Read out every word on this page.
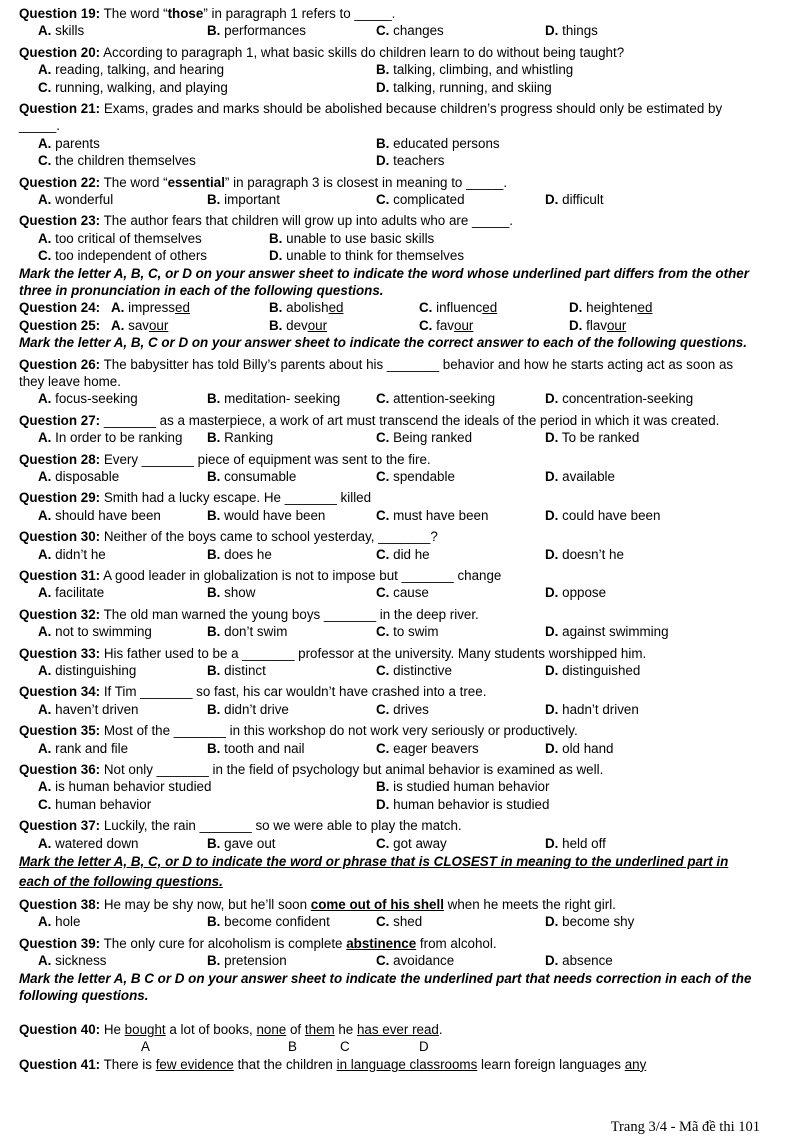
Question 19: The word “those” in paragraph 1 refers to _____.
A. skills	B. performances	C. changes	D. things
Question 20: According to paragraph 1, what basic skills do children learn to do without being taught?
A. reading, talking, and hearing	B. talking, climbing, and whistling
C. running, walking, and playing	D. talking, running, and skiing
Question 21: Exams, grades and marks should be abolished because children’s progress should only be estimated by _____.
A. parents	B. educated persons
C. the children themselves	D. teachers
Question 22: The word “essential” in paragraph 3 is closest in meaning to _____.
A. wonderful	B. important	C. complicated	D. difficult
Question 23: The author fears that children will grow up into adults who are _____.
A. too critical of themselves	B. unable to use basic skills
C. too independent of others	D. unable to think for themselves
Mark the letter A, B, C, or D on your answer sheet to indicate the word whose underlined part differs from the other three in pronunciation in each of the following questions.
Question 24: A. impressed	B. abolished	C. influenced	D. heightened
Question 25: A. savour	B. devour	C. favour	D. flavour
Mark the letter A, B, C or D on your answer sheet to indicate the correct answer to each of the following questions.
Question 26: The babysitter has told Billy’s parents about his _______ behavior and how he starts acting act as soon as they leave home.
A. focus-seeking	B. meditation- seeking	C. attention-seeking	D. concentration-seeking
Question 27: _______ as a masterpiece, a work of art must transcend the ideals of the period in which it was created.
A. In order to be ranking B. Ranking	C. Being ranked	D. To be ranked
Question 28: Every _______ piece of equipment was sent to the fire.
A. disposable	B. consumable	C. spendable	D. available
Question 29: Smith had a lucky escape. He _______ killed
A. should have been	B. would have been	C. must have been	D. could have been
Question 30: Neither of the boys came to school yesterday, _______?
A. didn’t he	B. does he	C. did he	D. doesn’t he
Question 31: A good leader in globalization is not to impose but _______ change
A. facilitate	B. show	C. cause	D. oppose
Question 32: The old man warned the young boys _______ in the deep river.
A. not to swimming	B. don’t swim	C. to swim	D. against swimming
Question 33: His father used to be a _______ professor at the university. Many students worshipped him.
A. distinguishing	B. distinct	C. distinctive	D. distinguished
Question 34: If Tim _______ so fast, his car wouldn’t have crashed into a tree.
A. haven’t driven	B. didn’t drive	C. drives	D. hadn’t driven
Question 35: Most of the _______ in this workshop do not work very seriously or productively.
A. rank and file	B. tooth and nail	C. eager beavers	D. old hand
Question 36: Not only _______ in the field of psychology but animal behavior is examined as well.
A. is human behavior studied	B. is studied human behavior
C. human behavior	D. human behavior is studied
Question 37: Luckily, the rain _______ so we were able to play the match.
A. watered down	B. gave out	C. got away	D. held off
Mark the letter A, B, C, or D to indicate the word or phrase that is CLOSEST in meaning to the underlined part in each of the following questions.
Question 38: He may be shy now, but he’ll soon come out of his shell when he meets the right girl.
A. hole	B. become confident	C. shed	D. become shy
Question 39: The only cure for alcoholism is complete abstinence from alcohol.
A. sickness	B. pretension	C. avoidance	D. absence
Mark the letter A, B C or D on your answer sheet to indicate the underlined part that needs correction in each of the following questions.
Question 40: He bought a lot of books, none of them he has ever read.
A	B	C	D
Question 41: There is few evidence that the children in language classrooms learn foreign languages any
Trang 3/4 - Mã đề thi 101
